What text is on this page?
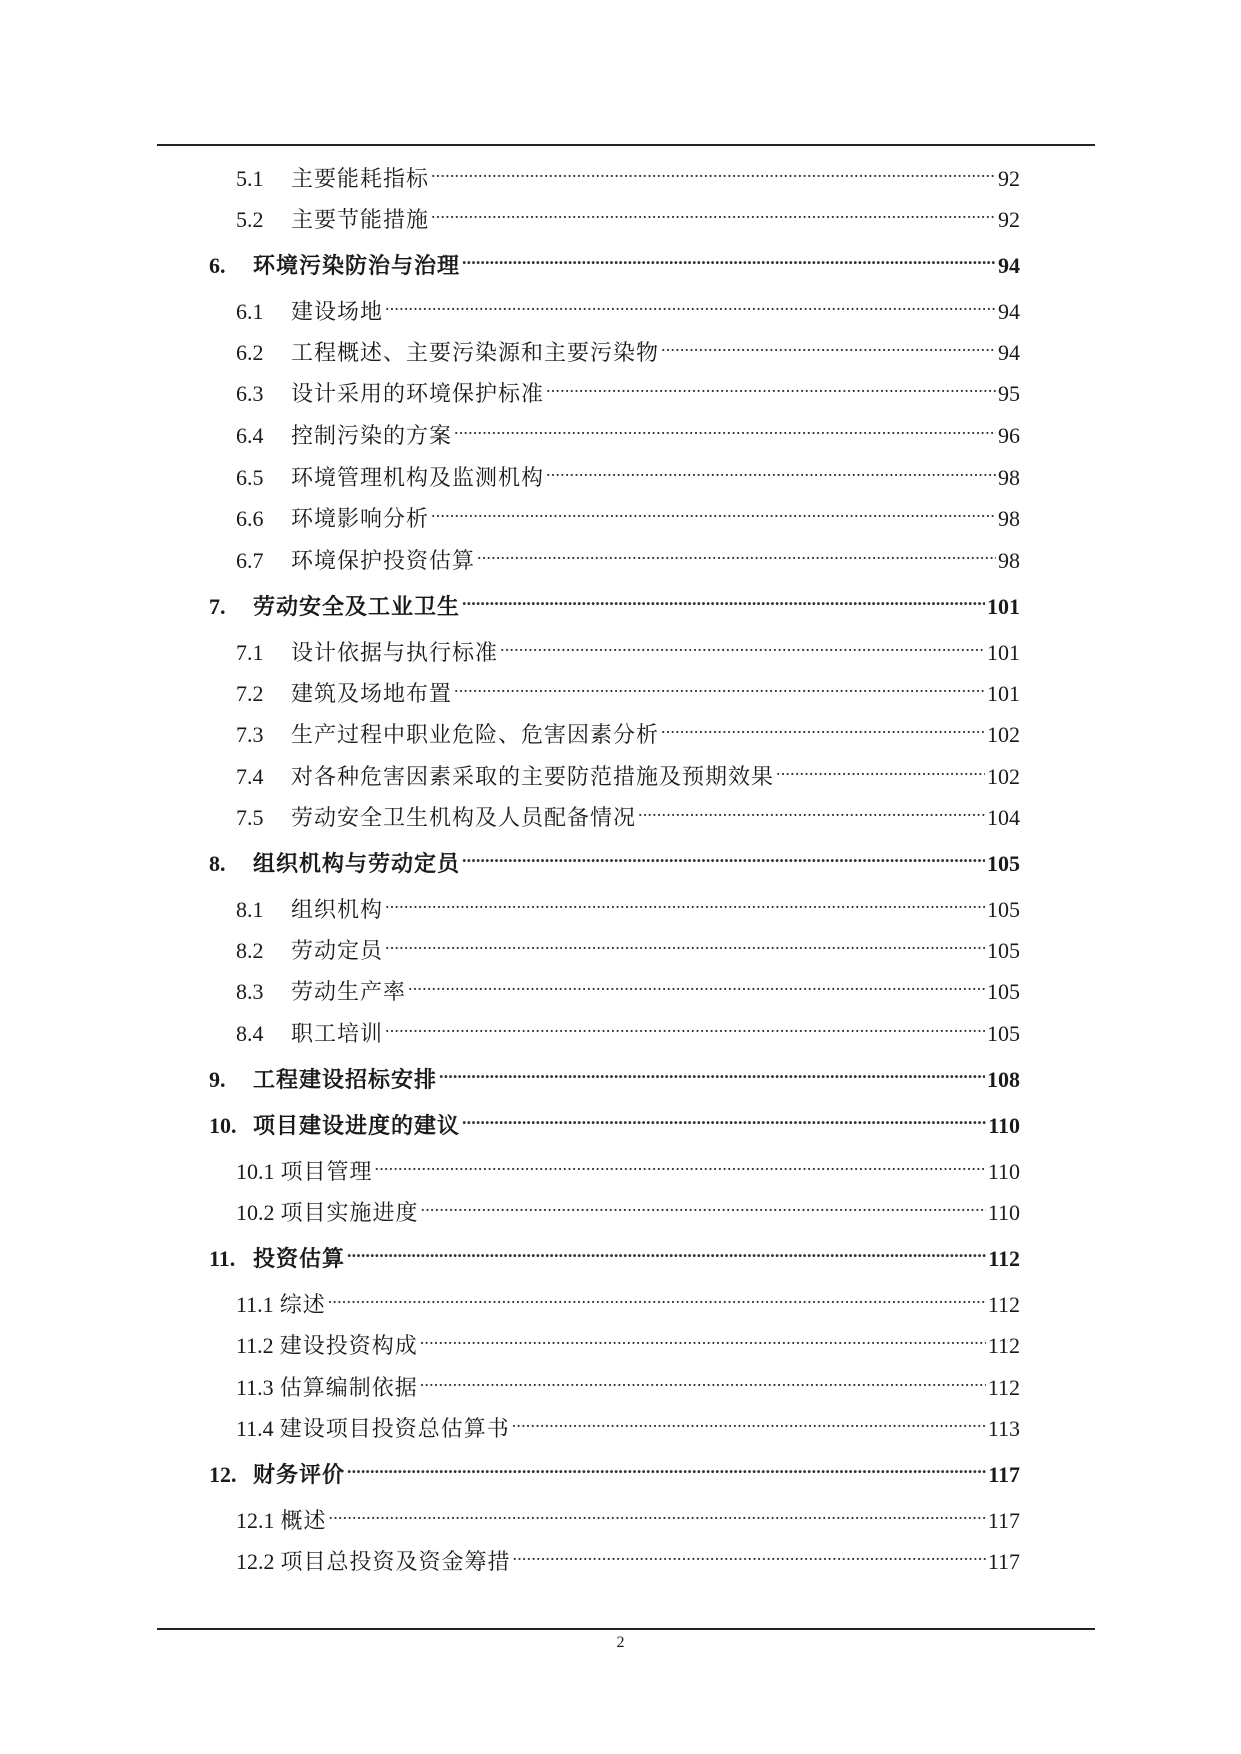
5.1	主要能耗指标 .....	92
5.2	主要节能措施 .....	92
6.	环境污染防治与治理 .....	94
6.1	建设场地 .....	94
6.2	工程概述、主要污染源和主要污染物 .....	94
6.3	设计采用的环境保护标准 .....	95
6.4	控制污染的方案 .....	96
6.5	环境管理机构及监测机构 .....	98
6.6	环境影响分析 .....	98
6.7	环境保护投资估算 .....	98
7.	劳动安全及工业卫生 .....	101
7.1	设计依据与执行标准 .....	101
7.2	建筑及场地布置 .....	101
7.3	生产过程中职业危险、危害因素分析 .....	102
7.4	对各种危害因素采取的主要防范措施及预期效果 .....	102
7.5	劳动安全卫生机构及人员配备情况 .....	104
8.	组织机构与劳动定员 .....	105
8.1	组织机构 .....	105
8.2	劳动定员 .....	105
8.3	劳动生产率 .....	105
8.4	职工培训 .....	105
9.	工程建设招标安排 .....	108
10. 项目建设进度的建议 .....	110
10.1 项目管理 .....	110
10.2 项目实施进度 .....	110
11. 投资估算 .....	112
11.1 综述 .....	112
11.2 建设投资构成 .....	112
11.3 估算编制依据 .....	112
11.4 建设项目投资总估算书 .....	113
12. 财务评价 .....	117
12.1 概述 .....	117
12.2 项目总投资及资金筹措 .....	117
2
